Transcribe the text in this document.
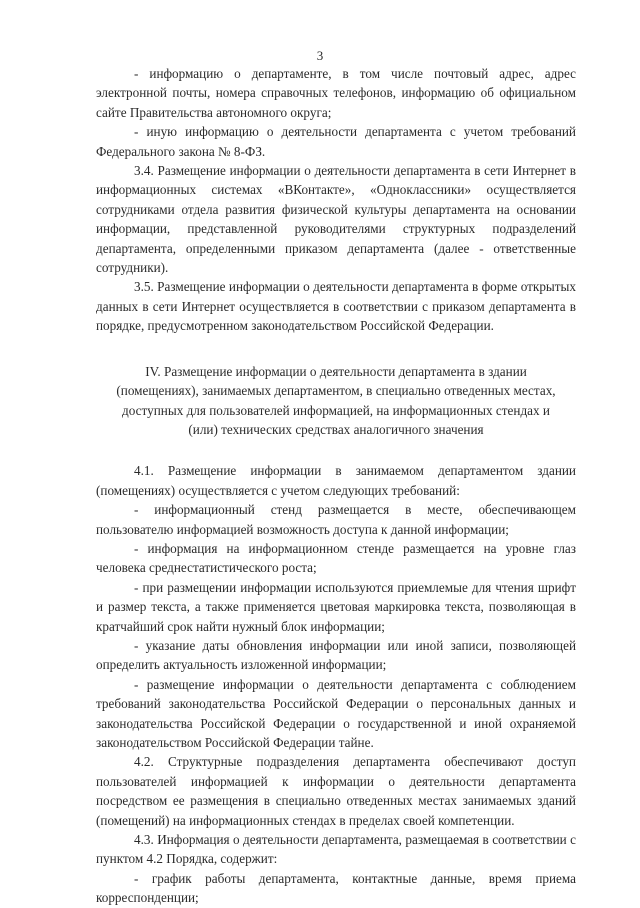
3

- информацию о департаменте, в том числе почтовый адрес, адрес электронной почты, номера справочных телефонов, информацию об официальном сайте Правительства автономного округа;

- иную информацию о деятельности департамента с учетом требований Федерального закона № 8-ФЗ.

3.4. Размещение информации о деятельности департамента в сети Интернет в информационных системах «ВКонтакте», «Одноклассники» осуществляется сотрудниками отдела развития физической культуры департамента на основании информации, представленной руководителями структурных подразделений департамента, определенными приказом департамента (далее - ответственные сотрудники).

3.5. Размещение информации о деятельности департамента в форме открытых данных в сети Интернет осуществляется в соответствии с приказом департамента в порядке, предусмотренном законодательством Российской Федерации.

IV. Размещение информации о деятельности департамента в здании (помещениях), занимаемых департаментом, в специально отведенных местах, доступных для пользователей информацией, на информационных стендах и (или) технических средствах аналогичного значения

4.1. Размещение информации в занимаемом департаментом здании (помещениях) осуществляется с учетом следующих требований:

- информационный стенд размещается в месте, обеспечивающем пользователю информацией возможность доступа к данной информации;

- информация на информационном стенде размещается на уровне глаз человека среднестатистического роста;

- при размещении информации используются приемлемые для чтения шрифт и размер текста, а также применяется цветовая маркировка текста, позволяющая в кратчайший срок найти нужный блок информации;

- указание даты обновления информации или иной записи, позволяющей определить актуальность изложенной информации;

- размещение информации о деятельности департамента с соблюдением требований законодательства Российской Федерации о персональных данных и законодательства Российской Федерации о государственной и иной охраняемой законодательством Российской Федерации тайне.

4.2. Структурные подразделения департамента обеспечивают доступ пользователей информацией к информации о деятельности департамента посредством ее размещения в специально отведенных местах занимаемых зданий (помещений) на информационных стендах в пределах своей компетенции.

4.3. Информация о деятельности департамента, размещаемая в соответствии с пунктом 4.2 Порядка, содержит:

- график работы департамента, контактные данные, время приема корреспонденции;
